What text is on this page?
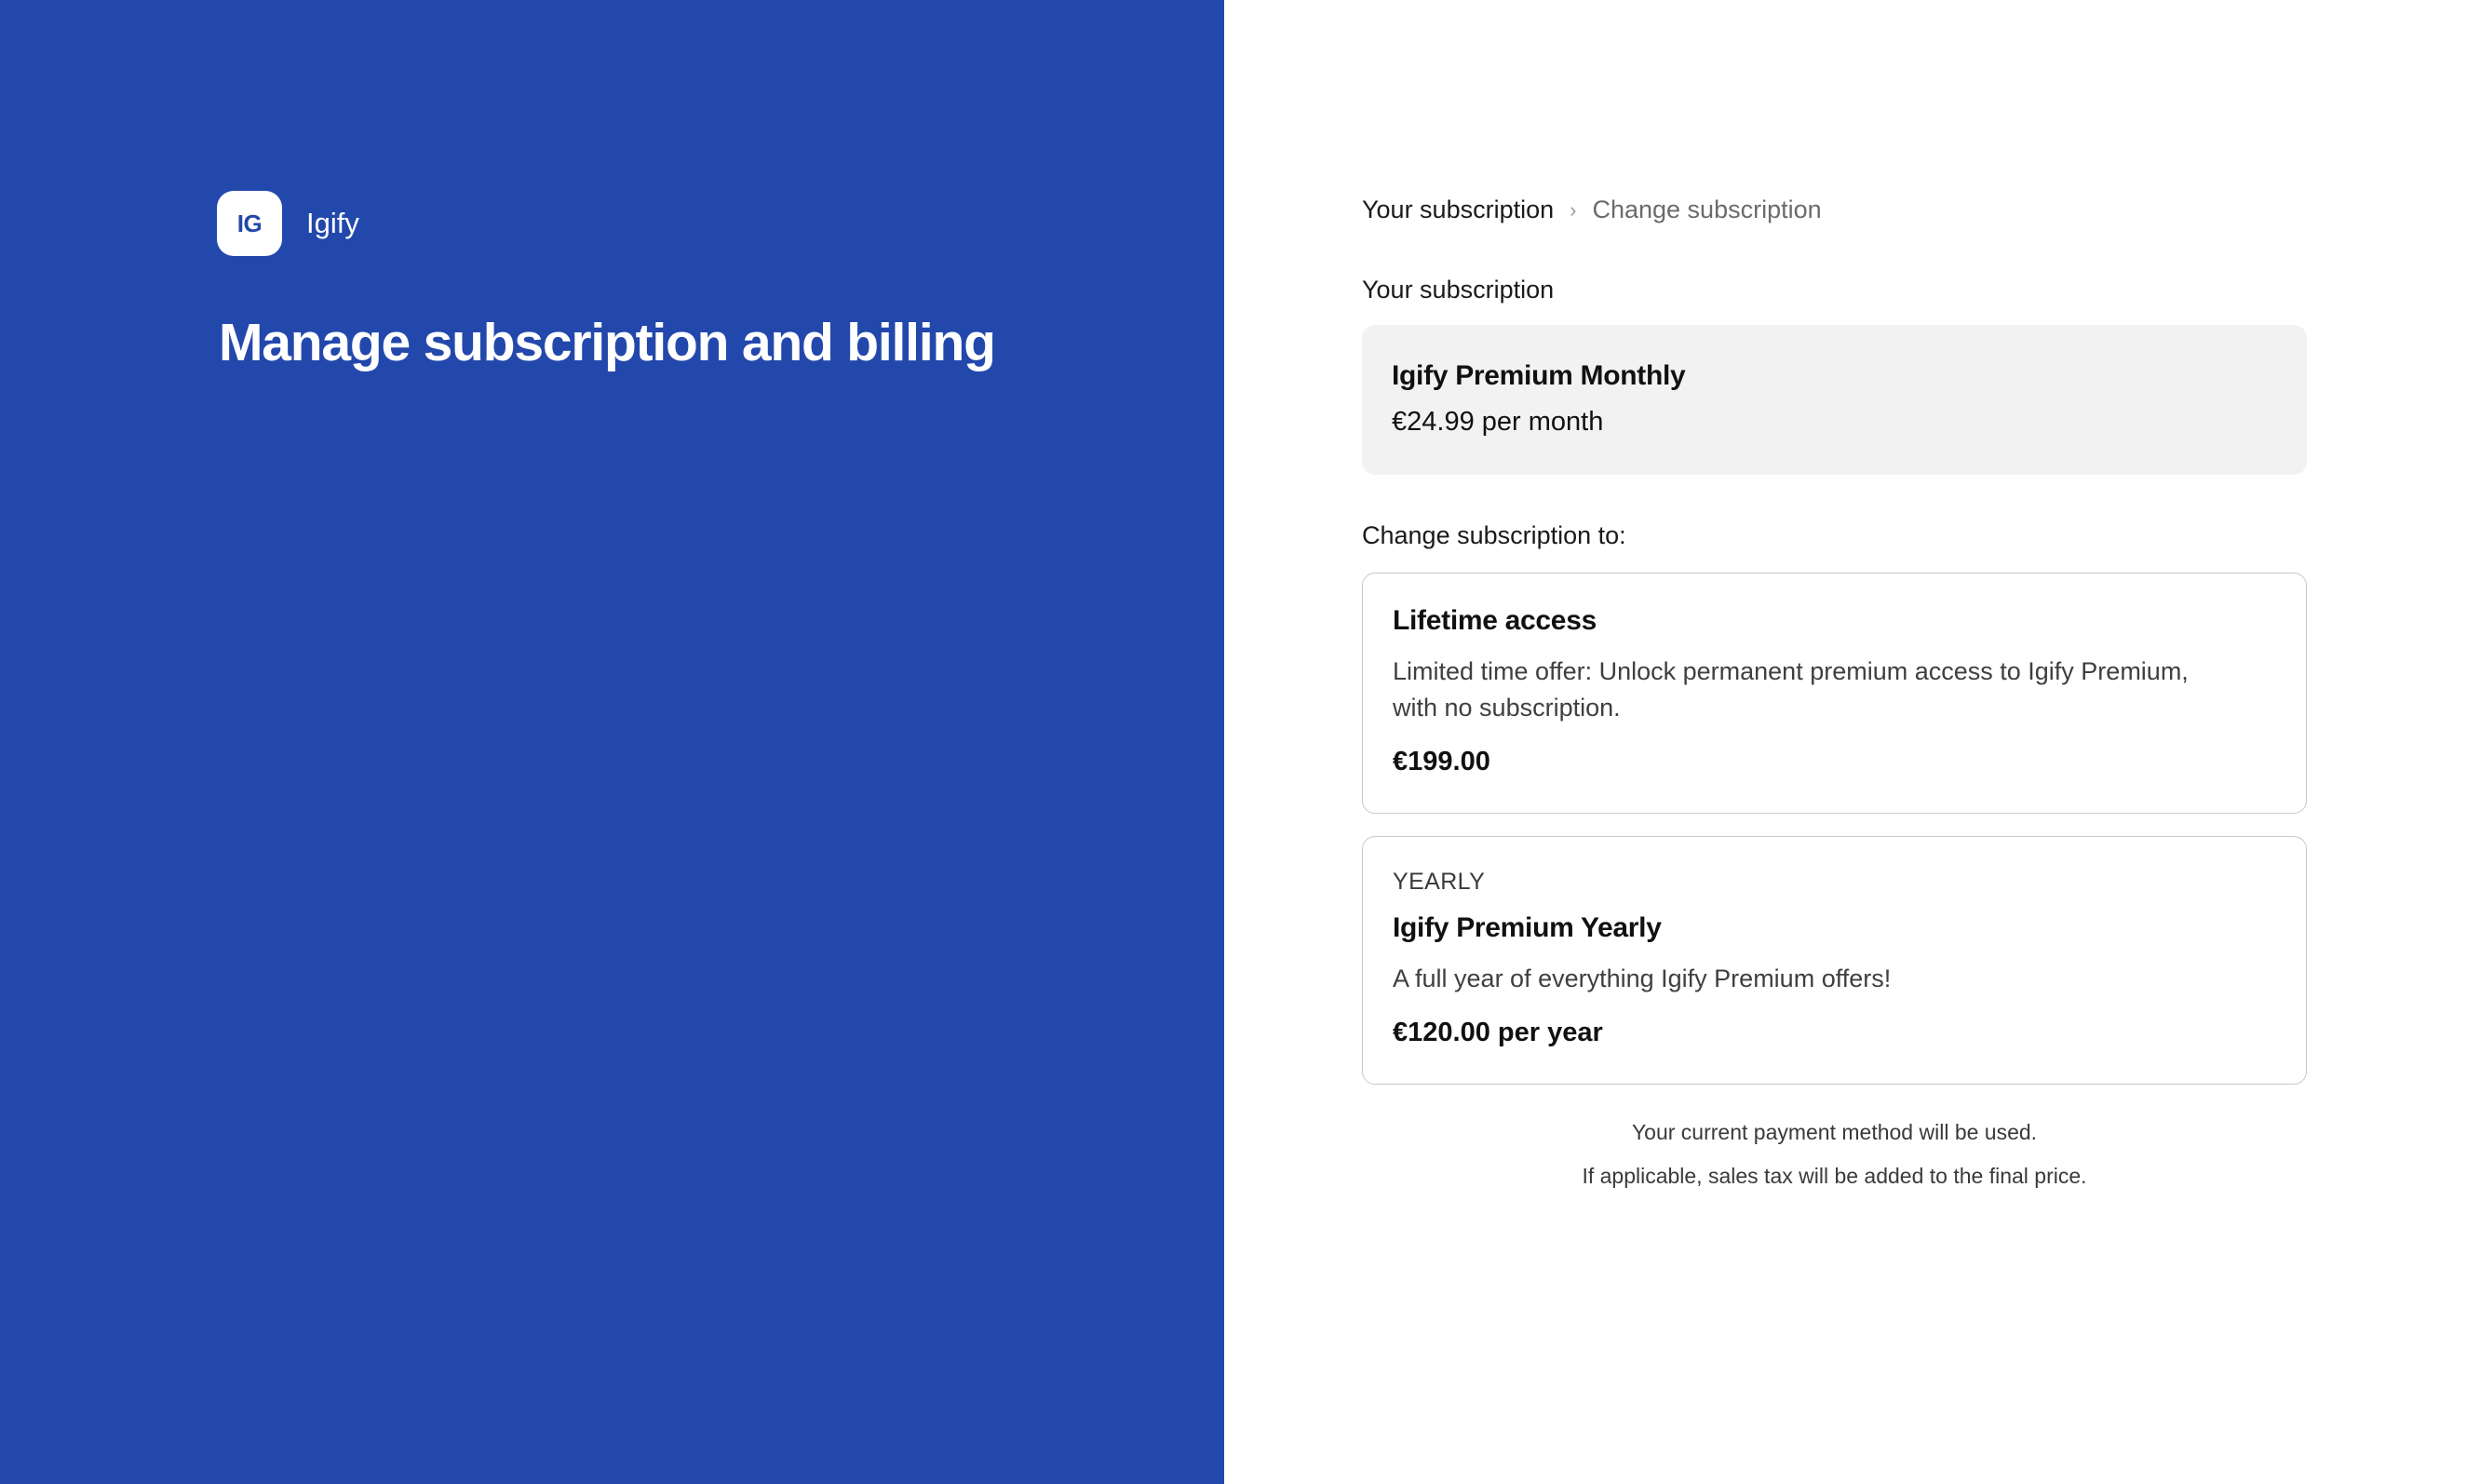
IG Igify
Manage subscription and billing
Your subscription › Change subscription
Your subscription
Igify Premium Monthly
€24.99 per month
Change subscription to:
Lifetime access
Limited time offer: Unlock permanent premium access to Igify Premium, with no subscription.
€199.00
YEARLY
Igify Premium Yearly
A full year of everything Igify Premium offers!
€120.00 per year
Your current payment method will be used.
If applicable, sales tax will be added to the final price.
